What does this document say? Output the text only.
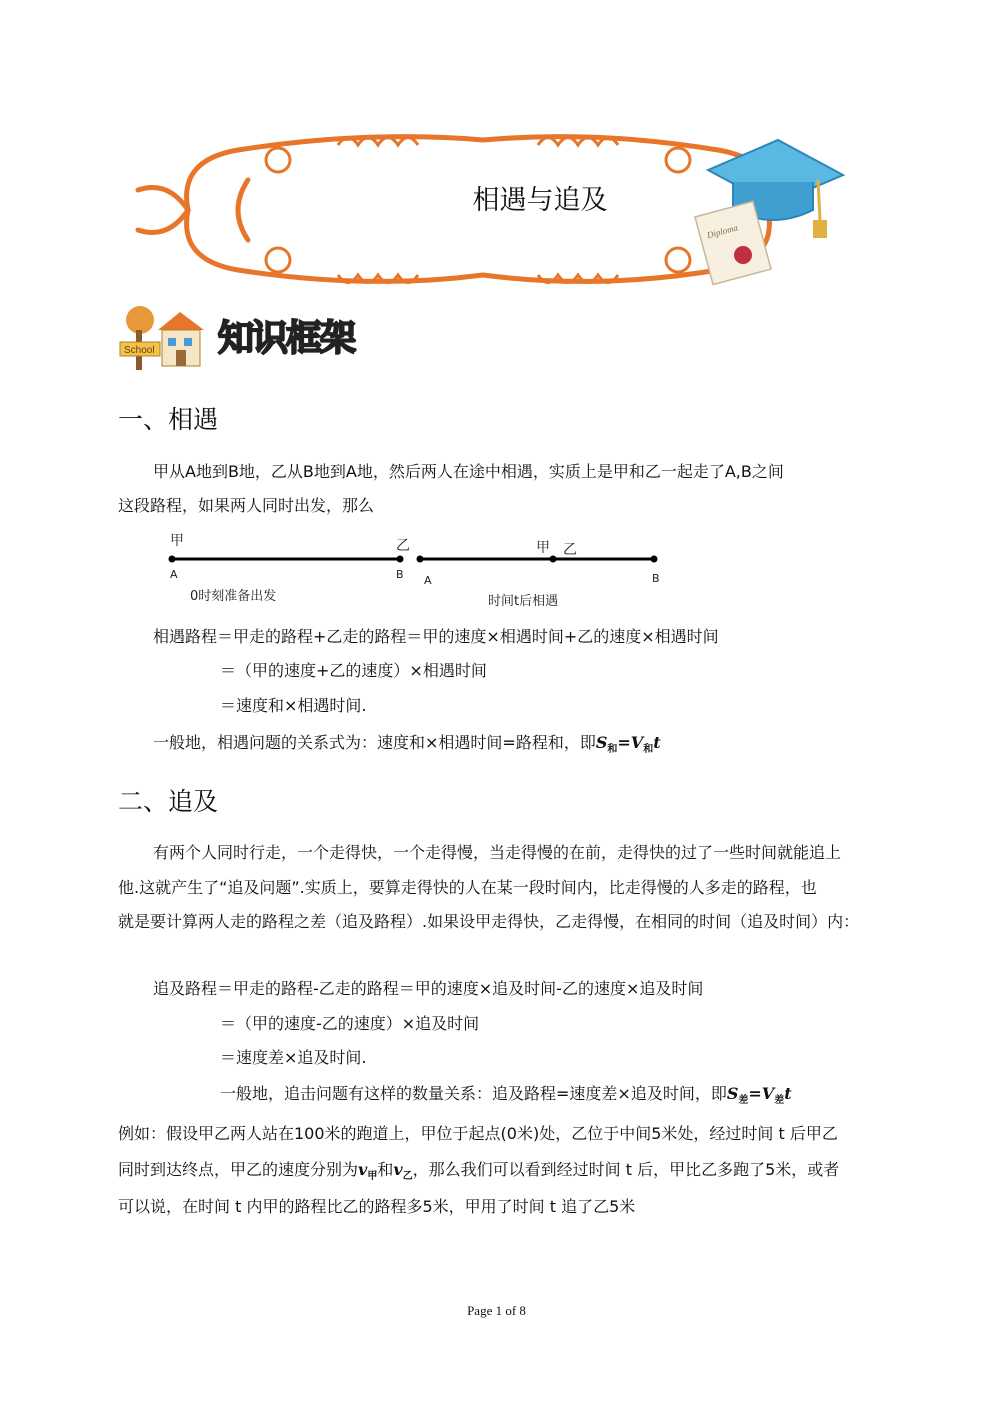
Diploma
相遇与追及
School 知识框架
一、相遇
甲从A地到B地，乙从B地到A地，然后两人在途中相遇，实质上是甲和乙一起走了A,B之间
这段路程，如果两人同时出发，那么
甲	乙
A	B
0时刻准备出发
甲 乙
A	B
时间t后相遇
相遇路程＝甲走的路程+乙走的路程＝甲的速度×相遇时间+乙的速度×相遇时间
＝（甲的速度+乙的速度）×相遇时间
＝速度和×相遇时间.
一般地，相遇问题的关系式为：速度和×相遇时间=路程和，即$S_和=V_和t$
二、追及
有两个人同时行走，一个走得快，一个走得慢，当走得慢的在前，走得快的过了一些时间就能追上
他.这就产生了“追及问题”.实质上，要算走得快的人在某一段时间内，比走得慢的人多走的路程，也
就是要计算两人走的路程之差（追及路程）.如果设甲走得快，乙走得慢，在相同的时间（追及时间）内：
追及路程＝甲走的路程-乙走的路程＝甲的速度×追及时间-乙的速度×追及时间
＝（甲的速度-乙的速度）×追及时间
＝速度差×追及时间.
一般地，追击问题有这样的数量关系：追及路程=速度差×追及时间，即$S_差=V_差t$
例如：假设甲乙两人站在100米的跑道上，甲位于起点(0米)处，乙位于中间5米处，经过时间 t 后甲乙
同时到达终点，甲乙的速度分别为$v_甲$和$v_乙$，那么我们可以看到经过时间 t 后，甲比乙多跑了5米，或者
可以说，在时间 t 内甲的路程比乙的路程多5米，甲用了时间 t 追了乙5米
Page 1 of 8
